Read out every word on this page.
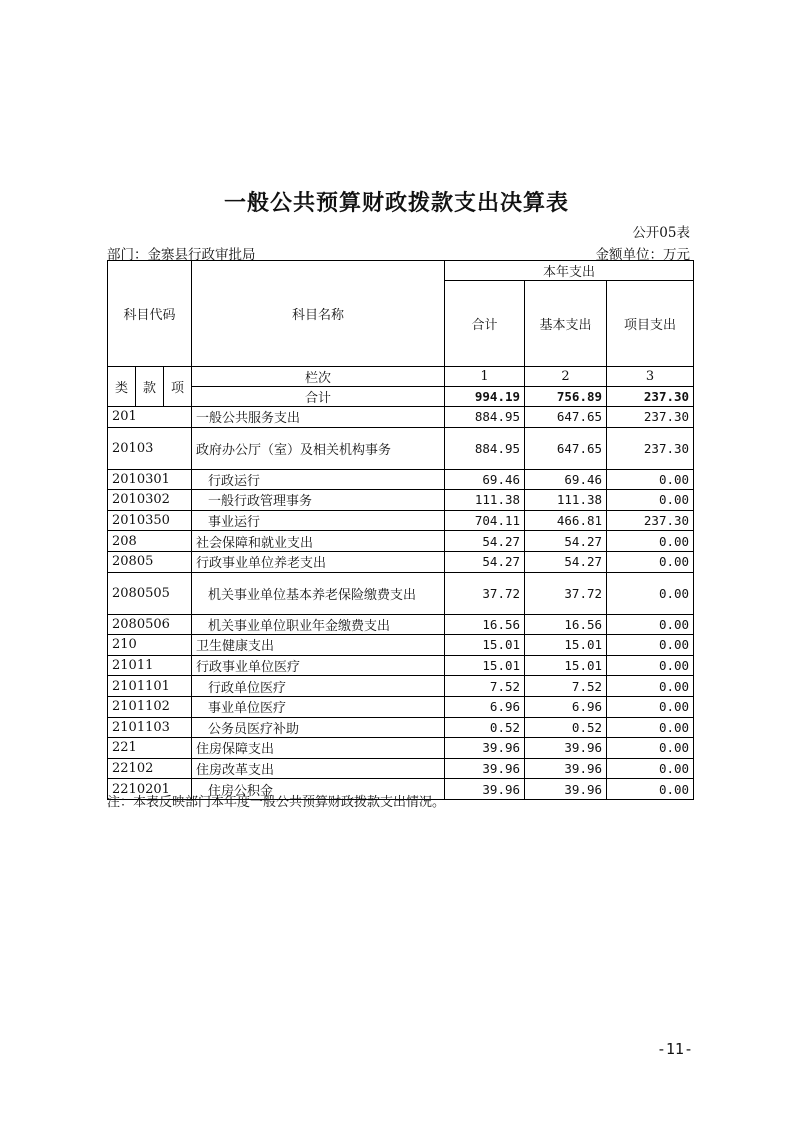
一般公共预算财政拨款支出决算表
公开05表
部门：金寨县行政审批局	金额单位：万元
科目代码			科目名称	本年支出		
				合计	基本支出	项目支出

类	款	项	栏次	1	2	3
			合计	994.19	756.89	237.30
201			一般公共服务支出	884.95	647.65	237.30
20103			政府办公厅（室）及相关机构事务	884.95	647.65	237.30
2010301			行政运行	69.46	69.46	0.00
2010302			一般行政管理事务	111.38	111.38	0.00
2010350			事业运行	704.11	466.81	237.30
208			社会保障和就业支出	54.27	54.27	0.00
20805			行政事业单位养老支出	54.27	54.27	0.00
2080505			机关事业单位基本养老保险缴费支出	37.72	37.72	0.00
2080506			机关事业单位职业年金缴费支出	16.56	16.56	0.00
210			卫生健康支出	15.01	15.01	0.00
21011			行政事业单位医疗	15.01	15.01	0.00
2101101			行政单位医疗	7.52	7.52	0.00
2101102			事业单位医疗	6.96	6.96	0.00
2101103			公务员医疗补助	0.52	0.52	0.00
221			住房保障支出	39.96	39.96	0.00
22102			住房改革支出	39.96	39.96	0.00
2210201			住房公积金	39.96	39.96	0.00
注：本表反映部门本年度一般公共预算财政拨款支出情况。
-11-
